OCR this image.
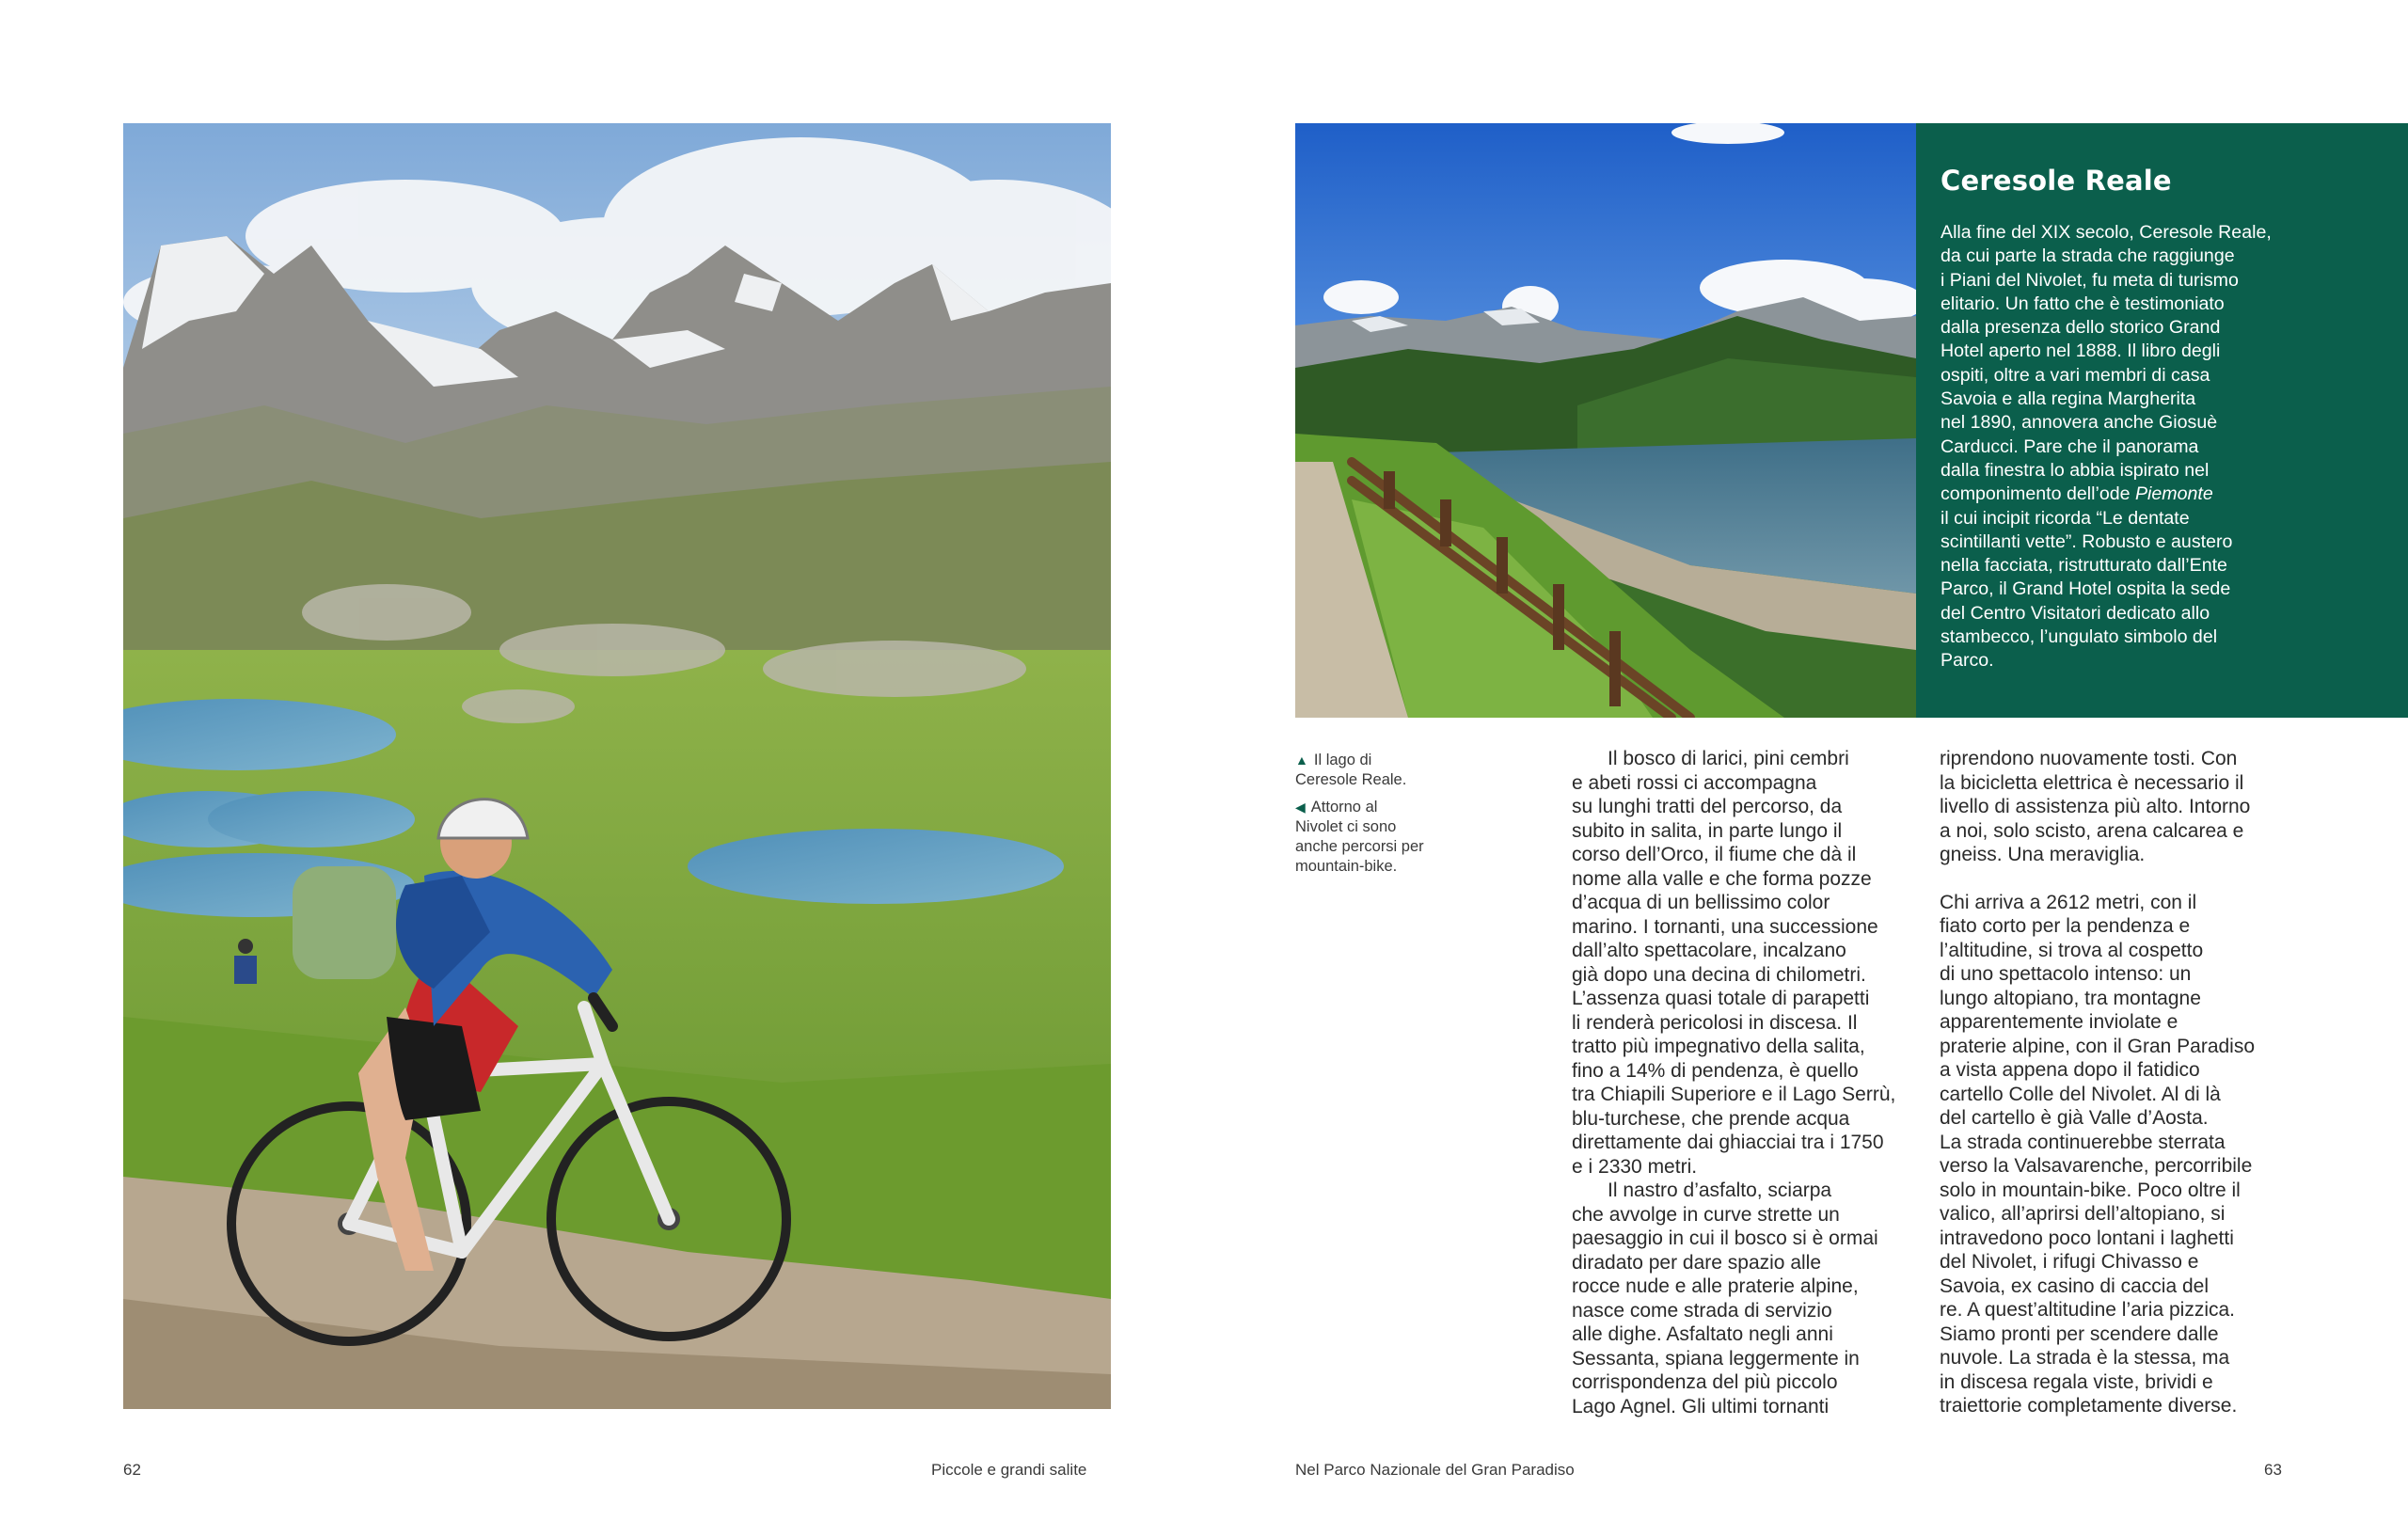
Ceresole Reale

Alla fine del XIX secolo, Ceresole Reale,
da cui parte la strada che raggiunge
i Piani del Nivolet, fu meta di turismo
elitario. Un fatto che è testimoniato
dalla presenza dello storico Grand
Hotel aperto nel 1888. Il libro degli
ospiti, oltre a vari membri di casa
Savoia e alla regina Margherita
nel 1890, annovera anche Giosuè
Carducci. Pare che il panorama
dalla finestra lo abbia ispirato nel
componimento dell’ode Piemonte
il cui incipit ricorda “Le dentate
scintillanti vette”. Robusto e austero
nella facciata, ristrutturato dall’Ente
Parco, il Grand Hotel ospita la sede
del Centro Visitatori dedicato allo
stambecco, l’ungulato simbolo del
Parco.

▲ Il lago di
Ceresole Reale.
◀ Attorno al
Nivolet ci sono
anche percorsi per
mountain-bike.

Il bosco di larici, pini cembri
e abeti rossi ci accompagna
su lunghi tratti del percorso, da
subito in salita, in parte lungo il
corso dell’Orco, il fiume che dà il
nome alla valle e che forma pozze
d’acqua di un bellissimo color
marino. I tornanti, una successione
dall’alto spettacolare, incalzano
già dopo una decina di chilometri.
L’assenza quasi totale di parapetti
li renderà pericolosi in discesa. Il
tratto più impegnativo della salita,
fino a 14% di pendenza, è quello
tra Chiapili Superiore e il Lago Serrù,
blu-turchese, che prende acqua
direttamente dai ghiacciai tra i 1750
e i 2330 metri.

Il nastro d’asfalto, sciarpa
che avvolge in curve strette un
paesaggio in cui il bosco si è ormai
diradato per dare spazio alle
rocce nude e alle praterie alpine,
nasce come strada di servizio
alle dighe. Asfaltato negli anni
Sessanta, spiana leggermente in
corrispondenza del più piccolo
Lago Agnel. Gli ultimi tornanti

riprendono nuovamente tosti. Con
la bicicletta elettrica è necessario il
livello di assistenza più alto. Intorno
a noi, solo scisto, arena calcarea e
gneiss. Una meraviglia.

Chi arriva a 2612 metri, con il
fiato corto per la pendenza e
l’altitudine, si trova al cospetto
di uno spettacolo intenso: un
lungo altopiano, tra montagne
apparentemente inviolate e
praterie alpine, con il Gran Paradiso
a vista appena dopo il fatidico
cartello Colle del Nivolet. Al di là
del cartello è già Valle d’Aosta.
La strada continuerebbe sterrata
verso la Valsavarenche, percorribile
solo in mountain-bike. Poco oltre il
valico, all’aprirsi dell’altopiano, si
intravedono poco lontani i laghetti
del Nivolet, i rifugi Chivasso e
Savoia, ex casino di caccia del
re. A quest’altitudine l’aria pizzica.
Siamo pronti per scendere dalle
nuvole. La strada è la stessa, ma
in discesa regala viste, brividi e
traiettorie completamente diverse.

62	Piccole e grandi salite	Nel Parco Nazionale del Gran Paradiso	63
